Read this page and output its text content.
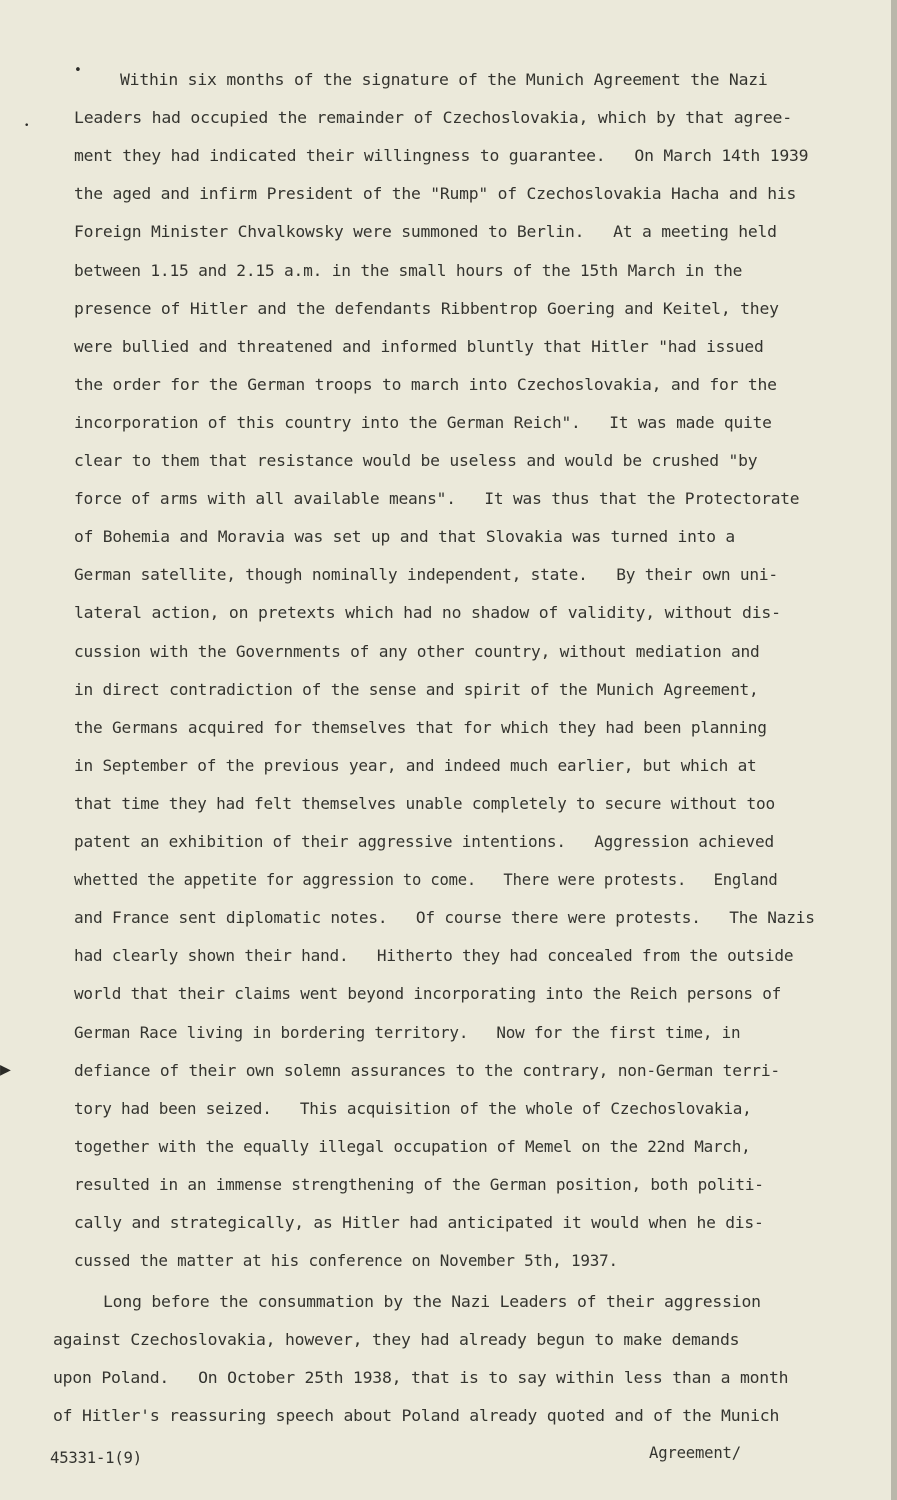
•
•
▶
Within six months of the signature of the Munich Agreement the Nazi
Leaders had occupied the remainder of Czechoslovakia, which by that agree-
ment they had indicated their willingness to guarantee.   On March 14th 1939
the aged and infirm President of the "Rump" of Czechoslovakia Hacha and his
Foreign Minister Chvalkowsky were summoned to Berlin.   At a meeting held
between 1.15 and 2.15 a.m. in the small hours of the 15th March in the
presence of Hitler and the defendants Ribbentrop Goering and Keitel, they
were bullied and threatened and informed bluntly that Hitler "had issued
the order for the German troops to march into Czechoslovakia, and for the
incorporation of this country into the German Reich".   It was made quite
clear to them that resistance would be useless and would be crushed "by
force of arms with all available means".   It was thus that the Protectorate
of Bohemia and Moravia was set up and that Slovakia was turned into a
German satellite, though nominally independent, state.   By their own uni-
lateral action, on pretexts which had no shadow of validity, without dis-
cussion with the Governments of any other country, without mediation and
in direct contradiction of the sense and spirit of the Munich Agreement,
the Germans acquired for themselves that for which they had been planning
in September of the previous year, and indeed much earlier, but which at
that time they had felt themselves unable completely to secure without too
patent an exhibition of their aggressive intentions.   Aggression achieved
whetted the appetite for aggression to come.   There were protests.   England
and France sent diplomatic notes.   Of course there were protests.   The Nazis
had clearly shown their hand.   Hitherto they had concealed from the outside
world that their claims went beyond incorporating into the Reich persons of
German Race living in bordering territory.   Now for the first time, in
defiance of their own solemn assurances to the contrary, non-German terri-
tory had been seized.   This acquisition of the whole of Czechoslovakia,
together with the equally illegal occupation of Memel on the 22nd March,
resulted in an immense strengthening of the German position, both politi-
cally and strategically, as Hitler had anticipated it would when he dis-
cussed the matter at his conference on November 5th, 1937.
Long before the consummation by the Nazi Leaders of their aggression
against Czechoslovakia, however, they had already begun to make demands
upon Poland.   On October 25th 1938, that is to say within less than a month
of Hitler's reassuring speech about Poland already quoted and of the Munich
45331-1(9)	Agreement/
